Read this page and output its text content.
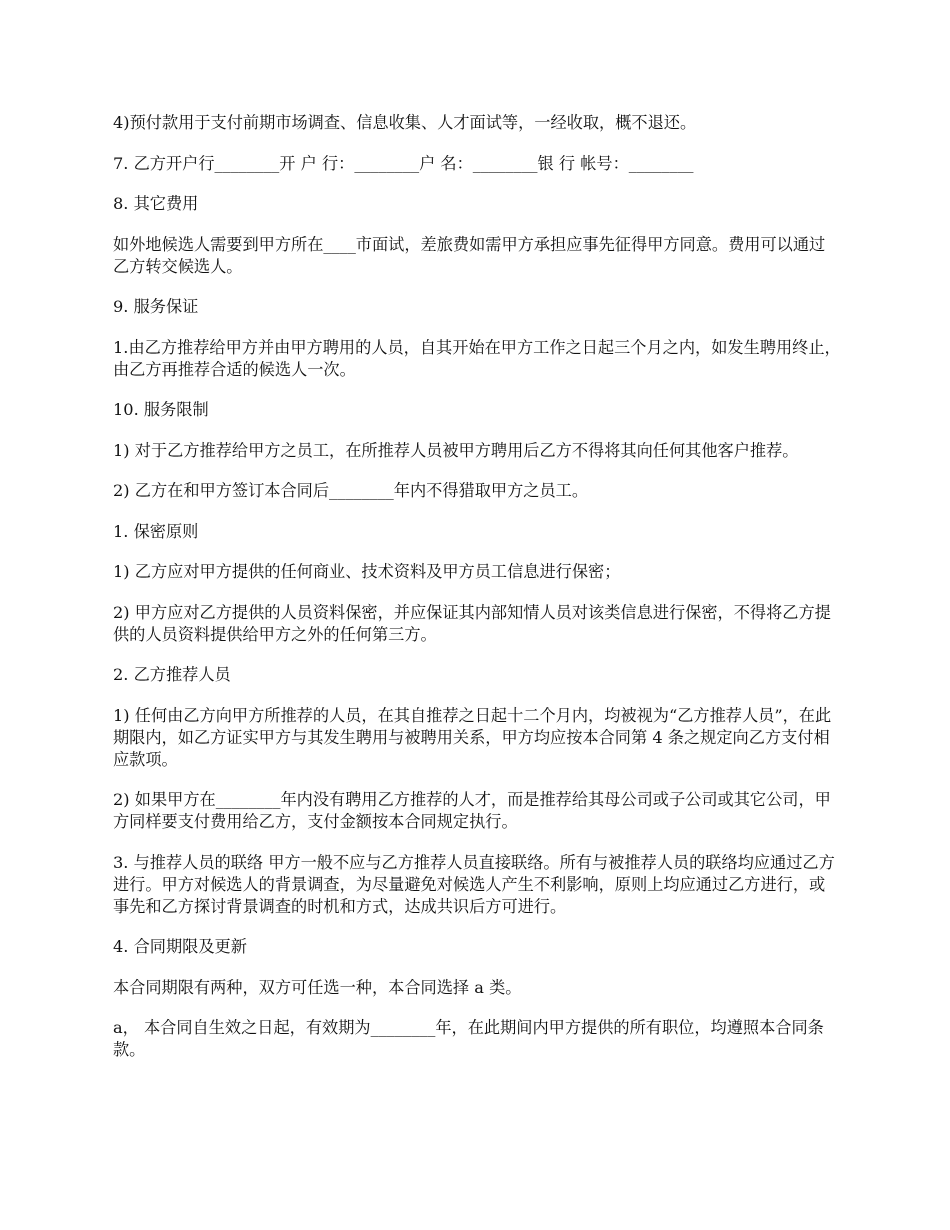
4)预付款用于支付前期市场调查、信息收集、人才面试等，一经收取，概不退还。

7. 乙方开户行________开 户 行：________户 名：________银 行 帐号：________

8. 其它费用

如外地候选人需要到甲方所在____市面试，差旅费如需甲方承担应事先征得甲方同意。费用可以通过乙方转交候选人。

9. 服务保证

1.由乙方推荐给甲方并由甲方聘用的人员，自其开始在甲方工作之日起三个月之内，如发生聘用终止，由乙方再推荐合适的候选人一次。

10. 服务限制

1) 对于乙方推荐给甲方之员工，在所推荐人员被甲方聘用后乙方不得将其向任何其他客户推荐。

2) 乙方在和甲方签订本合同后________年内不得猎取甲方之员工。

1. 保密原则

1) 乙方应对甲方提供的任何商业、技术资料及甲方员工信息进行保密；

2) 甲方应对乙方提供的人员资料保密，并应保证其内部知情人员对该类信息进行保密，不得将乙方提供的人员资料提供给甲方之外的任何第三方。

2. 乙方推荐人员

1) 任何由乙方向甲方所推荐的人员，在其自推荐之日起十二个月内，均被视为“乙方推荐人员”，在此期限内，如乙方证实甲方与其发生聘用与被聘用关系，甲方均应按本合同第 4 条之规定向乙方支付相应款项。

2) 如果甲方在________年内没有聘用乙方推荐的人才，而是推荐给其母公司或子公司或其它公司，甲方同样要支付费用给乙方，支付金额按本合同规定执行。

3. 与推荐人员的联络 甲方一般不应与乙方推荐人员直接联络。所有与被推荐人员的联络均应通过乙方进行。甲方对候选人的背景调查，为尽量避免对候选人产生不利影响，原则上均应通过乙方进行，或事先和乙方探讨背景调查的时机和方式，达成共识后方可进行。

4. 合同期限及更新

本合同期限有两种，双方可任选一种，本合同选择 a 类。

a， 本合同自生效之日起，有效期为________年，在此期间内甲方提供的所有职位，均遵照本合同条款。
